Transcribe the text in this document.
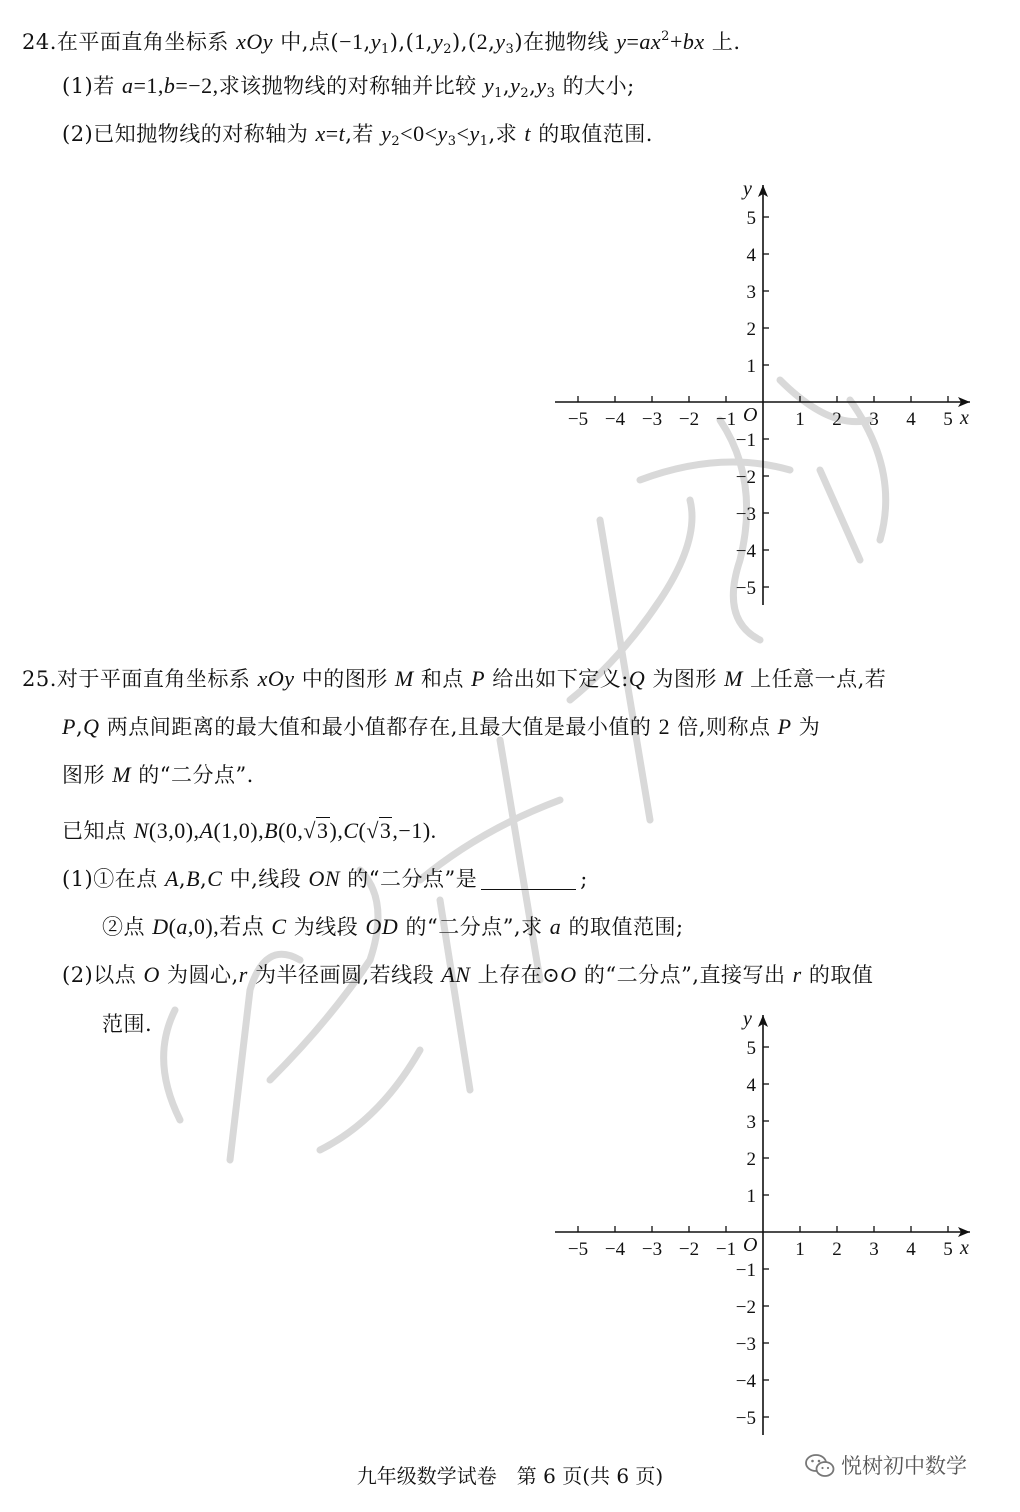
24.在平面直角坐标系 xOy 中,点$(-1,y_1),(1,y_2),(2,y_3)$在抛物线 $y=ax^2+bx$ 上.
(1)若 a=1,b=−2,求该抛物线的对称轴并比较 $y_1,y_2,y_3$ 的大小;
(2)已知抛物线的对称轴为 x=t,若 $y_2<0<y_3<y_1$,求 t 的取值范围.
x
y
O
−5 −4 −3 −2 −1	1 2 3 4 5
5
4
3
2
1
−1
−2
−3
−4
−5
25.对于平面直角坐标系 xOy 中的图形 M 和点 P 给出如下定义:Q 为图形 M 上任意一点,若
P,Q 两点间距离的最大值和最小值都存在,且最大值是最小值的 2 倍,则称点 P 为
图形 M 的“二分点”.
已知点 N(3,0),A(1,0),B(0,√3),C(√3,−1).
(1)①在点 A,B,C 中,线段 ON 的“二分点”是	;
②点 D(a,0),若点 C 为线段 OD 的“二分点”,求 a 的取值范围;
(2)以点 O 为圆心,r 为半径画圆,若线段 AN 上存在⊙O 的“二分点”,直接写出 r 的取值
范围.
x
y
O
−5 −4 −3 −2 −1	1 2 3 4 5
5
4
3
2
1
−1
−2
−3
−4
−5
九年级数学试卷　第 6 页(共 6 页)	悦树初中数学
